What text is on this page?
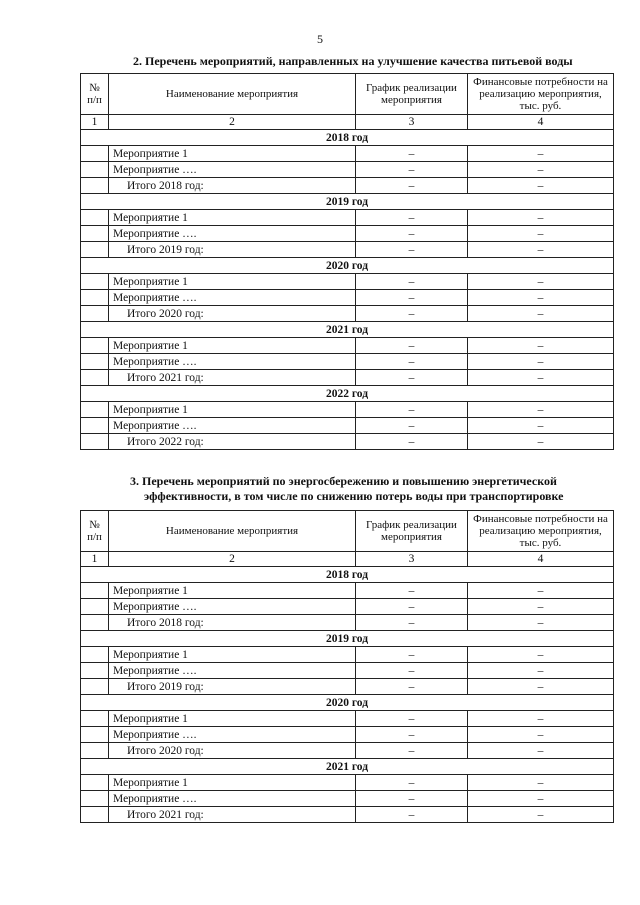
5
2. Перечень мероприятий, направленных на улучшение качества питьевой воды
№
п/п	Наименование мероприятия	График реализации мероприятия	Финансовые потребности на реализацию мероприятия, тыс. руб.
1	2	3	4
2018 год			
	Мероприятие 1	–	–
	Мероприятие ….	–	–
	Итого 2018 год:	–	–
2019 год			
	Мероприятие 1	–	–
	Мероприятие ….	–	–
	Итого 2019 год:	–	–
2020 год			
	Мероприятие 1	–	–
	Мероприятие ….	–	–
	Итого 2020 год:	–	–
2021 год			
	Мероприятие 1	–	–
	Мероприятие ….	–	–
	Итого 2021 год:	–	–
2022 год			
	Мероприятие 1	–	–
	Мероприятие ….	–	–
	Итого 2022 год:	–	–
3. Перечень мероприятий по энергосбережению и повышению энергетической
эффективности, в том числе по снижению потерь воды при транспортировке
№
п/п	Наименование мероприятия	График реализации мероприятия	Финансовые потребности на реализацию мероприятия, тыс. руб.
1	2	3	4
2018 год			
	Мероприятие 1	–	–
	Мероприятие ….	–	–
	Итого 2018 год:	–	–
2019 год			
	Мероприятие 1	–	–
	Мероприятие ….	–	–
	Итого 2019 год:	–	–
2020 год			
	Мероприятие 1	–	–
	Мероприятие ….	–	–
	Итого 2020 год:	–	–
2021 год			
	Мероприятие 1	–	–
	Мероприятие ….	–	–
	Итого 2021 год:	–	–
